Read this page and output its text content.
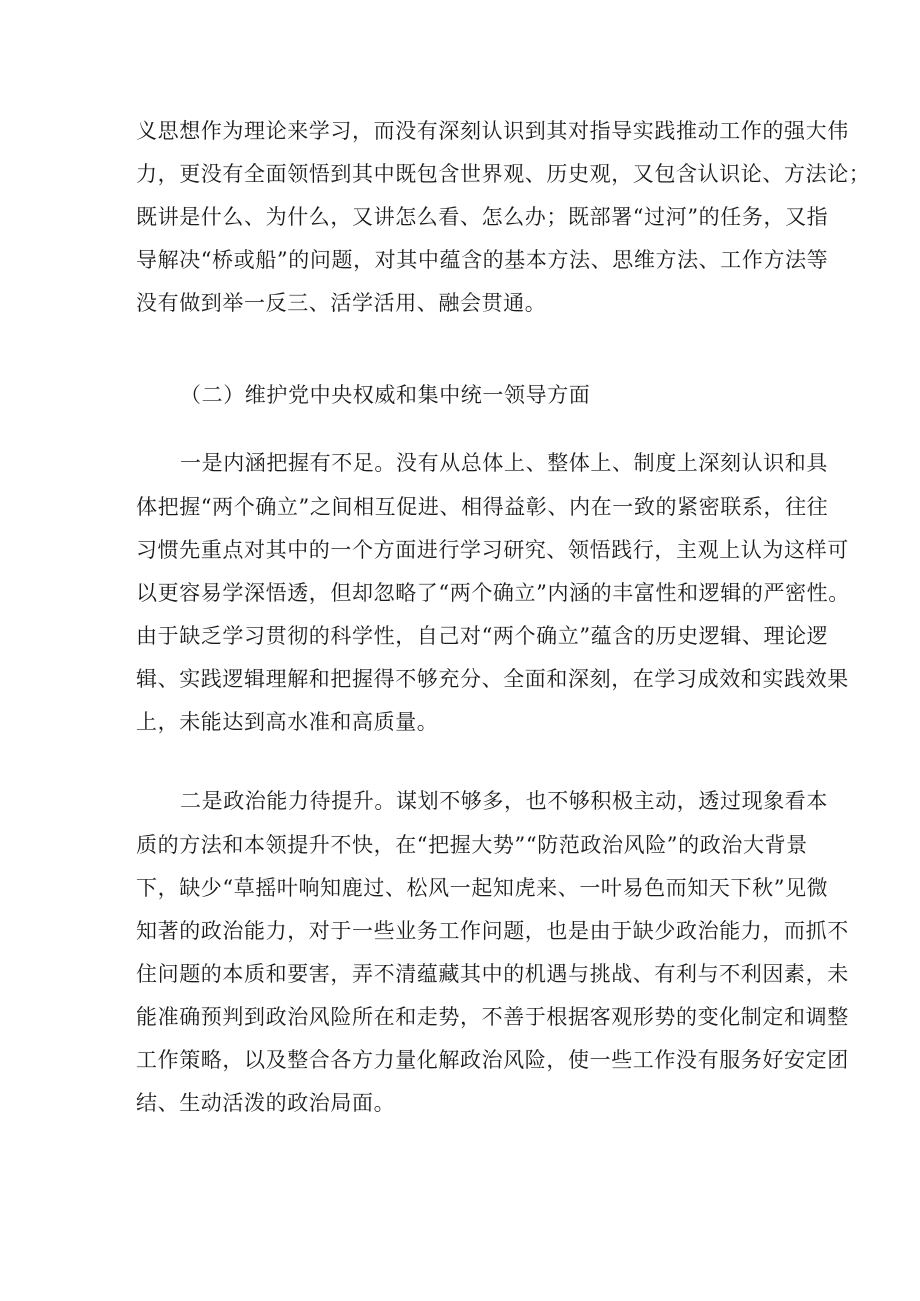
义思想作为理论来学习，而没有深刻认识到其对指导实践推动工作的强大伟
力，更没有全面领悟到其中既包含世界观、历史观，又包含认识论、方法论；
既讲是什么、为什么，又讲怎么看、怎么办；既部署“过河”的任务，又指
导解决“桥或船”的问题，对其中蕴含的基本方法、思维方法、工作方法等
没有做到举一反三、活学活用、融会贯通。
（二）维护党中央权威和集中统一领导方面
一是内涵把握有不足。没有从总体上、整体上、制度上深刻认识和具
体把握“两个确立”之间相互促进、相得益彰、内在一致的紧密联系，往往
习惯先重点对其中的一个方面进行学习研究、领悟践行，主观上认为这样可
以更容易学深悟透，但却忽略了“两个确立”内涵的丰富性和逻辑的严密性。
由于缺乏学习贯彻的科学性，自己对“两个确立”蕴含的历史逻辑、理论逻
辑、实践逻辑理解和把握得不够充分、全面和深刻，在学习成效和实践效果
上，未能达到高水准和高质量。
二是政治能力待提升。谋划不够多，也不够积极主动，透过现象看本
质的方法和本领提升不快，在“把握大势”“防范政治风险”的政治大背景
下，缺少“草摇叶响知鹿过、松风一起知虎来、一叶易色而知天下秋”见微
知著的政治能力，对于一些业务工作问题，也是由于缺少政治能力，而抓不
住问题的本质和要害，弄不清蕴藏其中的机遇与挑战、有利与不利因素，未
能准确预判到政治风险所在和走势，不善于根据客观形势的变化制定和调整
工作策略，以及整合各方力量化解政治风险，使一些工作没有服务好安定团
结、生动活泼的政治局面。
